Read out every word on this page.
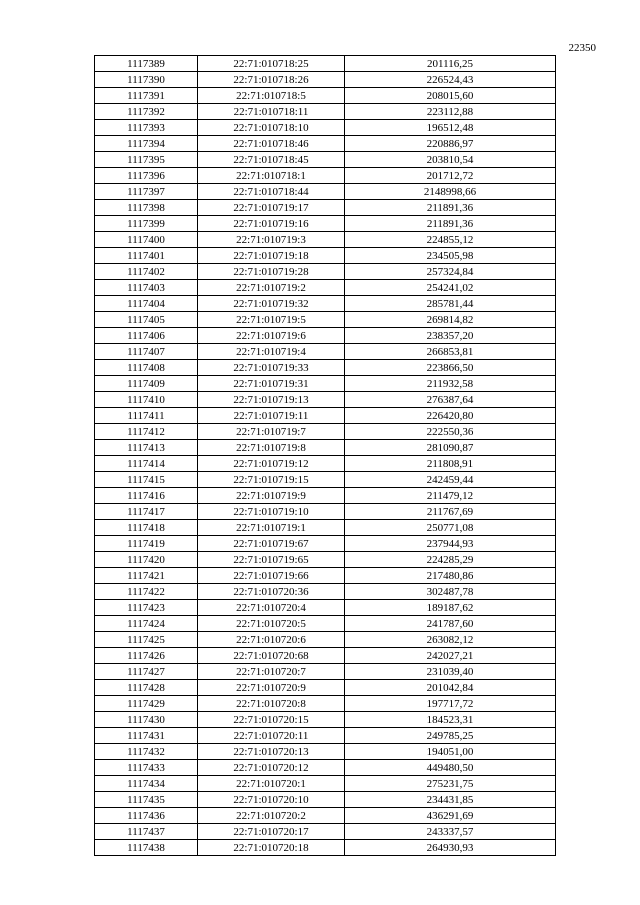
22350
1117389	22:71:010718:25	201116,25
1117390	22:71:010718:26	226524,43
1117391	22:71:010718:5	208015,60
1117392	22:71:010718:11	223112,88
1117393	22:71:010718:10	196512,48
1117394	22:71:010718:46	220886,97
1117395	22:71:010718:45	203810,54
1117396	22:71:010718:1	201712,72
1117397	22:71:010718:44	2148998,66
1117398	22:71:010719:17	211891,36
1117399	22:71:010719:16	211891,36
1117400	22:71:010719:3	224855,12
1117401	22:71:010719:18	234505,98
1117402	22:71:010719:28	257324,84
1117403	22:71:010719:2	254241,02
1117404	22:71:010719:32	285781,44
1117405	22:71:010719:5	269814,82
1117406	22:71:010719:6	238357,20
1117407	22:71:010719:4	266853,81
1117408	22:71:010719:33	223866,50
1117409	22:71:010719:31	211932,58
1117410	22:71:010719:13	276387,64
1117411	22:71:010719:11	226420,80
1117412	22:71:010719:7	222550,36
1117413	22:71:010719:8	281090,87
1117414	22:71:010719:12	211808,91
1117415	22:71:010719:15	242459,44
1117416	22:71:010719:9	211479,12
1117417	22:71:010719:10	211767,69
1117418	22:71:010719:1	250771,08
1117419	22:71:010719:67	237944,93
1117420	22:71:010719:65	224285,29
1117421	22:71:010719:66	217480,86
1117422	22:71:010720:36	302487,78
1117423	22:71:010720:4	189187,62
1117424	22:71:010720:5	241787,60
1117425	22:71:010720:6	263082,12
1117426	22:71:010720:68	242027,21
1117427	22:71:010720:7	231039,40
1117428	22:71:010720:9	201042,84
1117429	22:71:010720:8	197717,72
1117430	22:71:010720:15	184523,31
1117431	22:71:010720:11	249785,25
1117432	22:71:010720:13	194051,00
1117433	22:71:010720:12	449480,50
1117434	22:71:010720:1	275231,75
1117435	22:71:010720:10	234431,85
1117436	22:71:010720:2	436291,69
1117437	22:71:010720:17	243337,57
1117438	22:71:010720:18	264930,93
